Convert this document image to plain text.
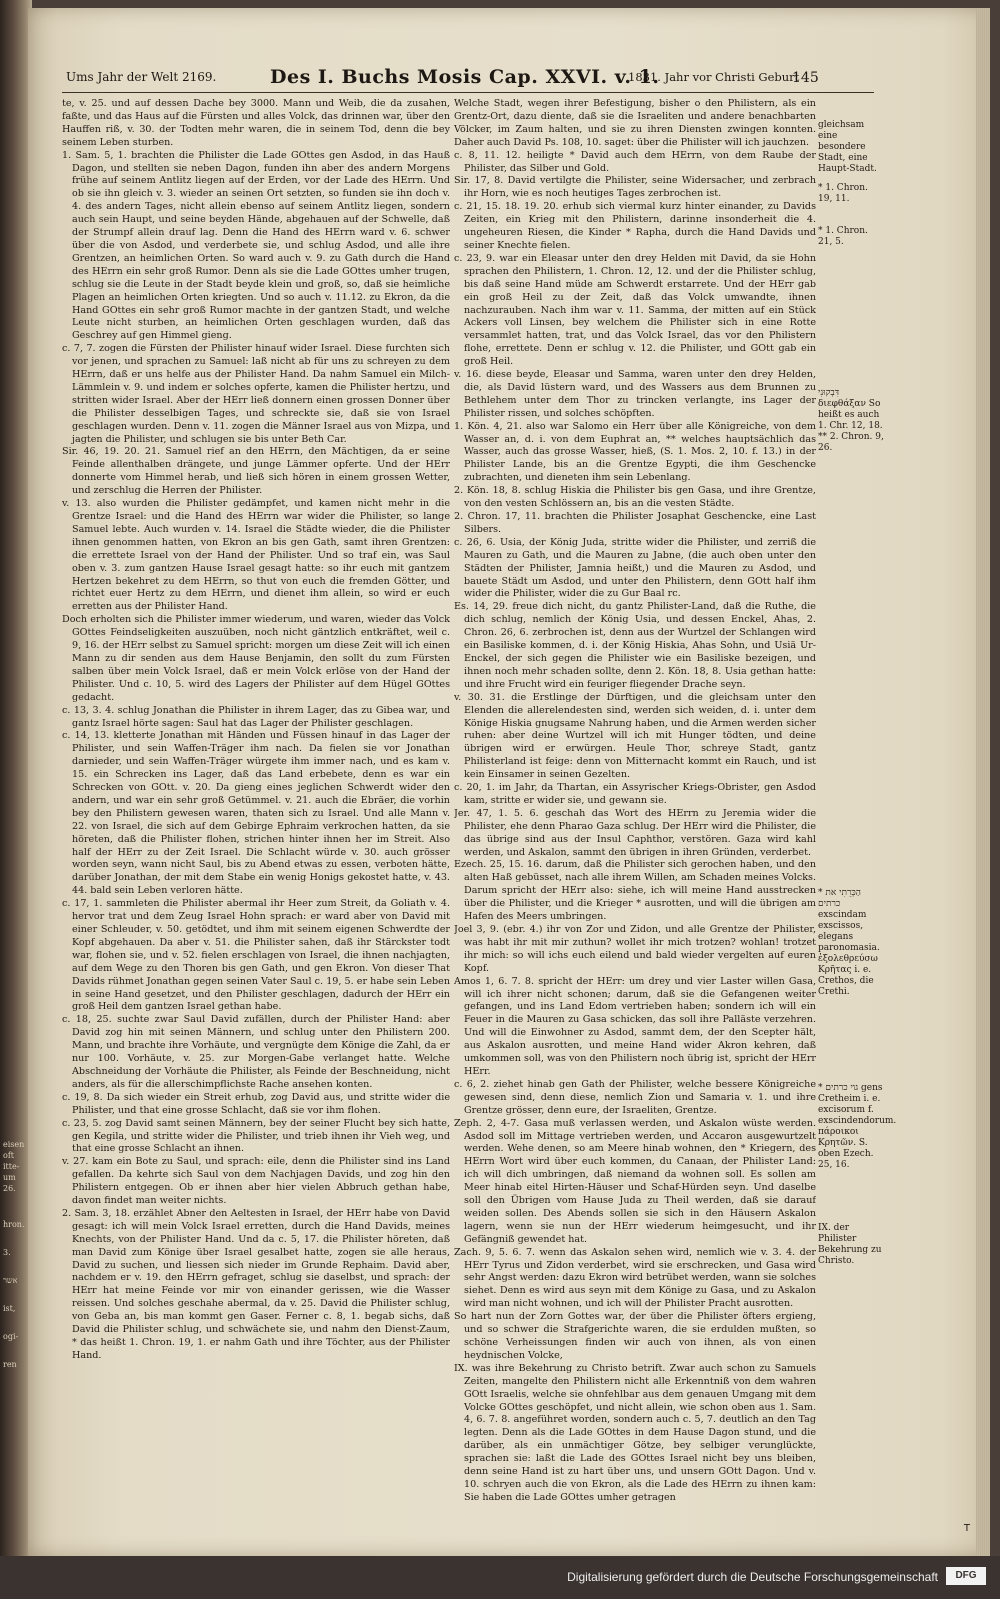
eisen
oft
itte-
um
26.
hron.
3.
אשר
ist,
ogi-
ren
Ums Jahr der Welt 2169.	Des I. Buchs Mosis Cap. XXVI. v. 1.
1831. Jahr vor Christi Geburt
145

te, v. 25. und auf dessen Dache bey 3000. Mann und Weib, die da zusahen, faßte, und das Haus auf die Fürsten und alles Volck, das drinnen war, über den Hauffen riß, v. 30. der Todten mehr waren, die in seinem Tod, denn die bey seinem Leben sturben.

1. Sam. 5, 1. brachten die Philister die Lade GOttes gen Asdod, in das Hauß Dagon, und stellten sie neben Dagon, funden ihn aber des andern Morgens frühe auf seinem Antlitz liegen auf der Erden, vor der Lade des HErrn. Und ob sie ihn gleich v. 3. wieder an seinen Ort setzten, so funden sie ihn doch v. 4. des andern Tages, nicht allein ebenso auf seinem Antlitz liegen, sondern auch sein Haupt, und seine beyden Hände, abgehauen auf der Schwelle, daß der Strumpf allein drauf lag. Denn die Hand des HErrn ward v. 6. schwer über die von Asdod, und verderbete sie, und schlug Asdod, und alle ihre Grentzen, an heimlichen Orten. So ward auch v. 9. zu Gath durch die Hand des HErrn ein sehr groß Rumor. Denn als sie die Lade GOttes umher trugen, schlug sie die Leute in der Stadt beyde klein und groß, so, daß sie heimliche Plagen an heimlichen Orten kriegten. Und so auch v. 11.12. zu Ekron, da die Hand GOttes ein sehr groß Rumor machte in der gantzen Stadt, und welche Leute nicht sturben, an heimlichen Orten geschlagen wurden, daß das Geschrey auf gen Himmel gieng.

c. 7, 7. zogen die Fürsten der Philister hinauf wider Israel. Diese furchten sich vor jenen, und sprachen zu Samuel: laß nicht ab für uns zu schreyen zu dem HErrn, daß er uns helfe aus der Philister Hand. Da nahm Samuel ein Milch-Lämmlein v. 9. und indem er solches opferte, kamen die Philister hertzu, und stritten wider Israel. Aber der HErr ließ donnern einen grossen Donner über die Philister desselbigen Tages, und schreckte sie, daß sie von Israel geschlagen wurden. Denn v. 11. zogen die Männer Israel aus von Mizpa, und jagten die Philister, und schlugen sie bis unter Beth Car.

Sir. 46, 19. 20. 21. Samuel rief an den HErrn, den Mächtigen, da er seine Feinde allenthalben drängete, und junge Lämmer opferte. Und der HErr donnerte vom Himmel herab, und ließ sich hören in einem grossen Wetter, und zerschlug die Herren der Philister.

v. 13. also wurden die Philister gedämpfet, und kamen nicht mehr in die Grentze Israel: und die Hand des HErrn war wider die Philister, so lange Samuel lebte. Auch wurden v. 14. Israel die Städte wieder, die die Philister ihnen genommen hatten, von Ekron an bis gen Gath, samt ihren Grentzen: die errettete Israel von der Hand der Philister. Und so traf ein, was Saul oben v. 3. zum gantzen Hause Israel gesagt hatte: so ihr euch mit gantzem Hertzen bekehret zu dem HErrn, so thut von euch die fremden Götter, und richtet euer Hertz zu dem HErrn, und dienet ihm allein, so wird er euch erretten aus der Philister Hand.

Doch erholten sich die Philister immer wiederum, und waren, wieder das Volck GOttes Feindseligkeiten auszuüben, noch nicht gäntzlich entkräftet, weil c. 9, 16. der HErr selbst zu Samuel spricht: morgen um diese Zeit will ich einen Mann zu dir senden aus dem Hause Benjamin, den sollt du zum Fürsten salben über mein Volck Israel, daß er mein Volck erlöse von der Hand der Philister. Und c. 10, 5. wird des Lagers der Philister auf dem Hügel GOttes gedacht.

c. 13, 3. 4. schlug Jonathan die Philister in ihrem Lager, das zu Gibea war, und gantz Israel hörte sagen: Saul hat das Lager der Philister geschlagen.

c. 14, 13. kletterte Jonathan mit Händen und Füssen hinauf in das Lager der Philister, und sein Waffen-Träger ihm nach. Da fielen sie vor Jonathan darnieder, und sein Waffen-Träger würgete ihm immer nach, und es kam v. 15. ein Schrecken ins Lager, daß das Land erbebete, denn es war ein Schrecken von GOtt. v. 20. Da gieng eines jeglichen Schwerdt wider den andern, und war ein sehr groß Getümmel. v. 21. auch die Ebräer, die vorhin bey den Philistern gewesen waren, thaten sich zu Israel. Und alle Mann v. 22. von Israel, die sich auf dem Gebirge Ephraim verkrochen hatten, da sie höreten, daß die Philister flohen, strichen hinter ihnen her im Streit. Also half der HErr zu der Zeit Israel. Die Schlacht würde v. 30. auch grösser worden seyn, wann nicht Saul, bis zu Abend etwas zu essen, verboten hätte, darüber Jonathan, der mit dem Stabe ein wenig Honigs gekostet hatte, v. 43. 44. bald sein Leben verloren hätte.

c. 17, 1. sammleten die Philister abermal ihr Heer zum Streit, da Goliath v. 4. hervor trat und dem Zeug Israel Hohn sprach: er ward aber von David mit einer Schleuder, v. 50. getödtet, und ihm mit seinem eigenen Schwerdte der Kopf abgehauen. Da aber v. 51. die Philister sahen, daß ihr Stärckster todt war, flohen sie, und v. 52. fielen erschlagen von Israel, die ihnen nachjagten, auf dem Wege zu den Thoren bis gen Gath, und gen Ekron. Von dieser That Davids rühmet Jonathan gegen seinen Vater Saul c. 19, 5. er habe sein Leben in seine Hand gesetzet, und den Philister geschlagen, dadurch der HErr ein groß Heil dem gantzen Israel gethan habe.

c. 18, 25. suchte zwar Saul David zufällen, durch der Philister Hand: aber David zog hin mit seinen Männern, und schlug unter den Philistern 200. Mann, und brachte ihre Vorhäute, und vergnügte dem Könige die Zahl, da er nur 100. Vorhäute, v. 25. zur Morgen-Gabe verlanget hatte. Welche Abschneidung der Vorhäute die Philister, als Feinde der Beschneidung, nicht anders, als für die allerschimpflichste Rache ansehen konten.

c. 19, 8. Da sich wieder ein Streit erhub, zog David aus, und stritte wider die Philister, und that eine grosse Schlacht, daß sie vor ihm flohen.

c. 23, 5. zog David samt seinen Männern, bey der seiner Flucht bey sich hatte, gen Kegila, und stritte wider die Philister, und trieb ihnen ihr Vieh weg, und that eine grosse Schlacht an ihnen.

v. 27. kam ein Bote zu Saul, und sprach: eile, denn die Philister sind ins Land gefallen. Da kehrte sich Saul von dem Nachjagen Davids, und zog hin den Philistern entgegen. Ob er ihnen aber hier vielen Abbruch gethan habe, davon findet man weiter nichts.

2. Sam. 3, 18. erzählet Abner den Aeltesten in Israel, der HErr habe von David gesagt: ich will mein Volck Israel erretten, durch die Hand Davids, meines Knechts, von der Philister Hand. Und da c. 5, 17. die Philister höreten, daß man David zum Könige über Israel gesalbet hatte, zogen sie alle heraus, David zu suchen, und liessen sich nieder im Grunde Rephaim. David aber, nachdem er v. 19. den HErrn gefraget, schlug sie daselbst, und sprach: der HErr hat meine Feinde vor mir von einander gerissen, wie die Wasser reissen. Und solches geschahe abermal, da v. 25. David die Philister schlug, von Geba an, bis man kommt gen Gaser. Ferner c. 8, 1. begab sichs, daß David die Philister schlug, und schwächete sie, und nahm den Dienst-Zaum, * das heißt 1. Chron. 19, 1. er nahm Gath und ihre Töchter, aus der Philister Hand.

Welche Stadt, wegen ihrer Befestigung, bisher o den Philistern, als ein Grentz-Ort, dazu diente, daß sie die Israeliten und andere benachbarten Völcker, im Zaum halten, und sie zu ihren Diensten zwingen konnten. Daher auch David Ps. 108, 10. saget: über die Philister will ich jauchzen.

c. 8, 11. 12. heiligte * David auch dem HErrn, von dem Raube der Philister, das Silber und Gold.

Sir. 17, 8. David vertilgte die Philister, seine Widersacher, und zerbrach ihr Horn, wie es noch heutiges Tages zerbrochen ist.

c. 21, 15. 18. 19. 20. erhub sich viermal kurz hinter einander, zu Davids Zeiten, ein Krieg mit den Philistern, darinne insonderheit die 4. ungeheuren Riesen, die Kinder * Rapha, durch die Hand Davids und seiner Knechte fielen.

c. 23, 9. war ein Eleasar unter den drey Helden mit David, da sie Hohn sprachen den Philistern, 1. Chron. 12, 12. und der die Philister schlug, bis daß seine Hand müde am Schwerdt erstarrete. Und der HErr gab ein groß Heil zu der Zeit, daß das Volck umwandte, ihnen nachzurauben. Nach ihm war v. 11. Samma, der mitten auf ein Stück Ackers voll Linsen, bey welchem die Philister sich in eine Rotte versammlet hatten, trat, und das Volck Israel, das vor den Philistern flohe, errettete. Denn er schlug v. 12. die Philister, und GOtt gab ein groß Heil.

v. 16. diese beyde, Eleasar und Samma, waren unter den drey Helden, die, als David lüstern ward, und des Wassers aus dem Brunnen zu Bethlehem unter dem Thor zu trincken verlangte, ins Lager der Philister rissen, und solches schöpften.

1. Kön. 4, 21. also war Salomo ein Herr über alle Königreiche, von dem Wasser an, d. i. von dem Euphrat an, ** welches hauptsächlich das Wasser, auch das grosse Wasser, hieß, (S. 1. Mos. 2, 10. f. 13.) in der Philister Lande, bis an die Grentze Egypti, die ihm Geschencke zubrachten, und dieneten ihm sein Lebenlang.

2. Kön. 18, 8. schlug Hiskia die Philister bis gen Gasa, und ihre Grentze, von den vesten Schlössern an, bis an die vesten Städte.

2. Chron. 17, 11. brachten die Philister Josaphat Geschencke, eine Last Silbers.

c. 26, 6. Usia, der König Juda, stritte wider die Philister, und zerriß die Mauren zu Gath, und die Mauren zu Jabne, (die auch oben unter den Städten der Philister, Jamnia heißt,) und die Mauren zu Asdod, und bauete Städt um Asdod, und unter den Philistern, denn GOtt half ihm wider die Philister, wider die zu Gur Baal rc.

Es. 14, 29. freue dich nicht, du gantz Philister-Land, daß die Ruthe, die dich schlug, nemlich der König Usia, und dessen Enckel, Ahas, 2. Chron. 26, 6. zerbrochen ist, denn aus der Wurtzel der Schlangen wird ein Basiliske kommen, d. i. der König Hiskia, Ahas Sohn, und Usiä Ur-Enckel, der sich gegen die Philister wie ein Basiliske bezeigen, und ihnen noch mehr schaden sollte, denn 2. Kön. 18, 8. Usia gethan hatte: und ihre Frucht wird ein feuriger fliegender Drache seyn.

v. 30. 31. die Erstlinge der Dürftigen, und die gleichsam unter den Elenden die allerelendesten sind, werden sich weiden, d. i. unter dem Könige Hiskia gnugsame Nahrung haben, und die Armen werden sicher ruhen: aber deine Wurtzel will ich mit Hunger tödten, und deine übrigen wird er erwürgen. Heule Thor, schreye Stadt, gantz Philisterland ist feige: denn von Mitternacht kommt ein Rauch, und ist kein Einsamer in seinen Gezelten.

c. 20, 1. im Jahr, da Thartan, ein Assyrischer Kriegs-Obrister, gen Asdod kam, stritte er wider sie, und gewann sie.

Jer. 47, 1. 5. 6. geschah das Wort des HErrn zu Jeremia wider die Philister, ehe denn Pharao Gaza schlug. Der HErr wird die Philister, die das übrige sind aus der Insul Caphthor, verstören. Gaza wird kahl werden, und Askalon, sammt den übrigen in ihren Gründen, verderbet.

Ezech. 25, 15. 16. darum, daß die Philister sich gerochen haben, und den alten Haß gebüsset, nach alle ihrem Willen, am Schaden meines Volcks. Darum spricht der HErr also: siehe, ich will meine Hand ausstrecken über die Philister, und die Krieger * ausrotten, und will die übrigen am Hafen des Meers umbringen.

Joel 3, 9. (ebr. 4.) ihr von Zor und Zidon, und alle Grentze der Philister, was habt ihr mit mir zuthun? wollet ihr mich trotzen? wohlan! trotzet ihr mich: so will ichs euch eilend und bald wieder vergelten auf euren Kopf.

Amos 1, 6. 7. 8. spricht der HErr: um drey und vier Laster willen Gasa, will ich ihrer nicht schonen; darum, daß sie die Gefangenen weiter gefangen, und ins Land Edom vertrieben haben; sondern ich will ein Feuer in die Mauren zu Gasa schicken, das soll ihre Palläste verzehren. Und will die Einwohner zu Asdod, sammt dem, der den Scepter hält, aus Askalon ausrotten, und meine Hand wider Akron kehren, daß umkommen soll, was von den Philistern noch übrig ist, spricht der HErr HErr.

c. 6, 2. ziehet hinab gen Gath der Philister, welche bessere Königreiche gewesen sind, denn diese, nemlich Zion und Samaria v. 1. und ihre Grentze grösser, denn eure, der Israeliten, Grentze.

Zeph. 2, 4-7. Gasa muß verlassen werden, und Askalon wüste werden. Asdod soll im Mittage vertrieben werden, und Accaron ausgewurtzelt werden. Wehe denen, so am Meere hinab wohnen, den * Kriegern, des HErrn Wort wird über euch kommen, du Canaan, der Philister Land: ich will dich umbringen, daß niemand da wohnen soll. Es sollen am Meer hinab eitel Hirten-Häuser und Schaf-Hürden seyn. Und daselbe soll den Übrigen vom Hause Juda zu Theil werden, daß sie darauf weiden sollen. Des Abends sollen sie sich in den Häusern Askalon lagern, wenn sie nun der HErr wiederum heimgesucht, und ihr Gefängniß gewendet hat.

Zach. 9, 5. 6. 7. wenn das Askalon sehen wird, nemlich wie v. 3. 4. der HErr Tyrus und Zidon verderbet, wird sie erschrecken, und Gasa wird sehr Angst werden: dazu Ekron wird betrübet werden, wann sie solches siehet. Denn es wird aus seyn mit dem Könige zu Gasa, und zu Askalon wird man nicht wohnen, und ich will der Philister Pracht ausrotten.

So hart nun der Zorn Gottes war, der über die Philister öfters ergieng, und so schwer die Strafgerichte waren, die sie erdulden mußten, so schöne Verheissungen finden wir auch von ihnen, als von einen heydnischen Volcke,

IX. was ihre Bekehrung zu Christo betrift. Zwar auch schon zu Samuels Zeiten, mangelte den Philistern nicht alle Erkenntniß von dem wahren GOtt Israelis, welche sie ohnfehlbar aus dem genauen Umgang mit dem Volcke GOttes geschöpfet, und nicht allein, wie schon oben aus 1. Sam. 4, 6. 7. 8. angeführet worden, sondern auch c. 5, 7. deutlich an den Tag legten. Denn als die Lade GOttes in dem Hause Dagon stund, und die darüber, als ein unmächtiger Götze, bey selbiger verunglückte, sprachen sie: laßt die Lade des GOttes Israel nicht bey uns bleiben, denn seine Hand ist zu hart über uns, und unsern GOtt Dagon. Und v. 10. schryen auch die von Ekron, als die Lade des HErrn zu ihnen kam: Sie haben die Lade GOttes umher getragen

gleichsam eine besondere Stadt, eine Haupt-Stadt.
* 1. Chron. 19, 11.
* 1. Chron. 21, 5.
דִּבְקוּנִי διεφθάξαν So heißt es auch 1. Chr. 12, 18. ** 2. Chron. 9, 26.
* הַכְּרֵתִי את כרתים exscindam exscissos, elegans paronomasia. ἐξολεθρεύσω Κρῆτας i. e. Crethos, die Crethi.
* גוי כרתים gens Cretheim i. e. excisorum f. exscindendorum. πάροικοι Κρητῶν. S. oben Ezech. 25, 16.
IX. der Philister Bekehrung zu Christo.
T
Digitalisierung gefördert durch die Deutsche Forschungsgemeinschaft	DFG
